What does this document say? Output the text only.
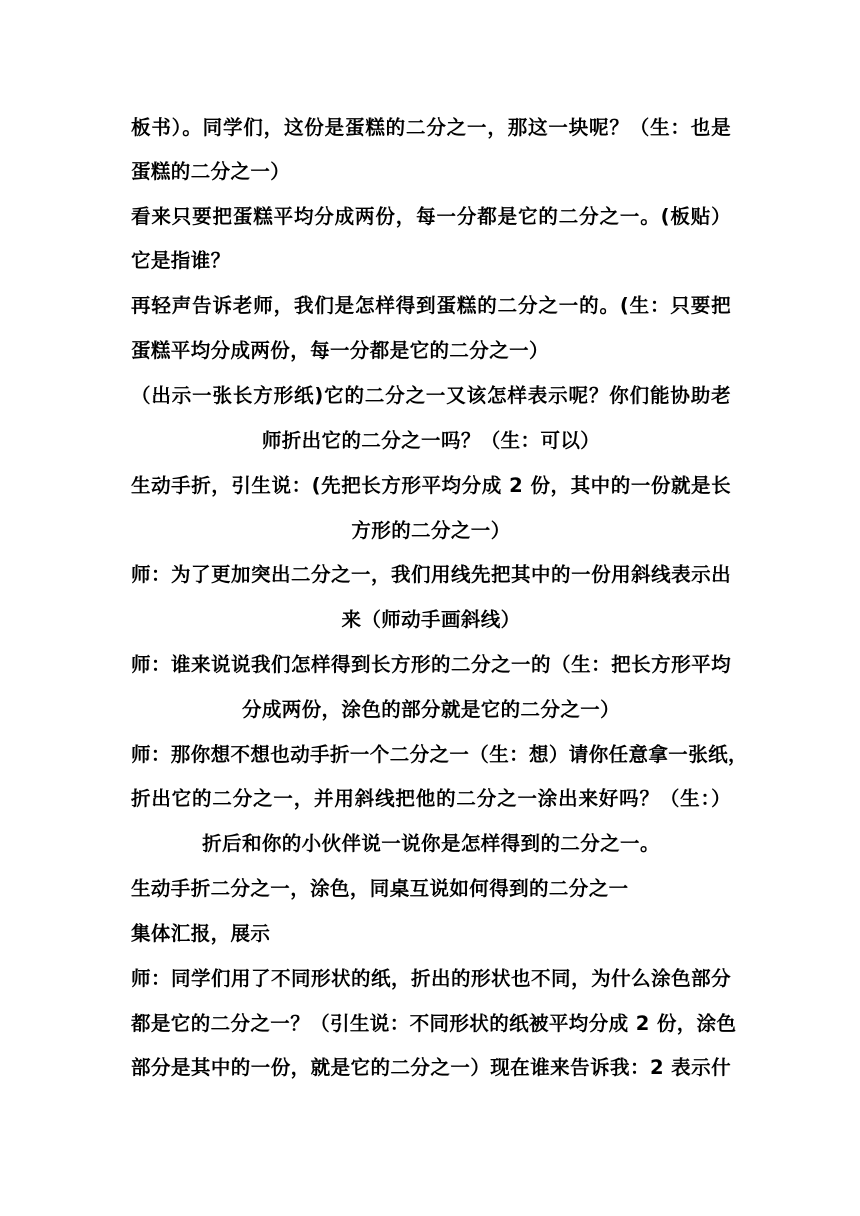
板书）。同学们，这份是蛋糕的二分之一，那这一块呢？（生：也是
蛋糕的二分之一）
看来只要把蛋糕平均分成两份，每一分都是它的二分之一。(板贴）
它是指谁？
再轻声告诉老师，我们是怎样得到蛋糕的二分之一的。(生：只要把
蛋糕平均分成两份，每一分都是它的二分之一）
（出示一张长方形纸)它的二分之一又该怎样表示呢？你们能协助老
师折出它的二分之一吗？（生：可以）
生动手折，引生说：(先把长方形平均分成 2 份，其中的一份就是长
方形的二分之一）
师：为了更加突出二分之一，我们用线先把其中的一份用斜线表示出
来（师动手画斜线）
师：谁来说说我们怎样得到长方形的二分之一的（生：把长方形平均
分成两份，涂色的部分就是它的二分之一）
师：那你想不想也动手折一个二分之一（生：想）请你任意拿一张纸，
折出它的二分之一，并用斜线把他的二分之一涂出来好吗？（生：）
折后和你的小伙伴说一说你是怎样得到的二分之一。
生动手折二分之一，涂色，同桌互说如何得到的二分之一
集体汇报，展示
师：同学们用了不同形状的纸，折出的形状也不同，为什么涂色部分
都是它的二分之一？（引生说：不同形状的纸被平均分成 2 份，涂色
部分是其中的一份，就是它的二分之一）现在谁来告诉我：2 表示什
